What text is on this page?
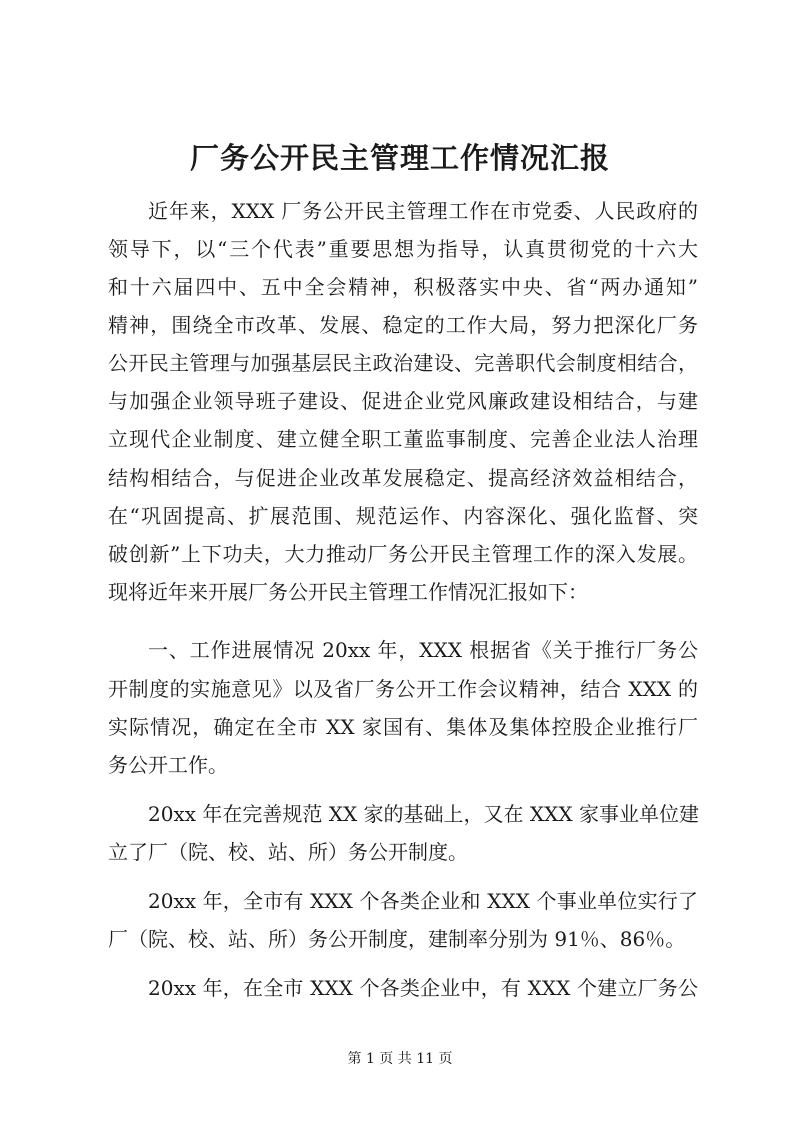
厂务公开民主管理工作情况汇报
近年来，XXX 厂务公开民主管理工作在市党委、人民政府的
领导下，以“三个代表”重要思想为指导，认真贯彻党的十六大
和十六届四中、五中全会精神，积极落实中央、省“两办通知”
精神，围绕全市改革、发展、稳定的工作大局，努力把深化厂务
公开民主管理与加强基层民主政治建设、完善职代会制度相结合，
与加强企业领导班子建设、促进企业党风廉政建设相结合，与建
立现代企业制度、建立健全职工董监事制度、完善企业法人治理
结构相结合，与促进企业改革发展稳定、提高经济效益相结合，
在“巩固提高、扩展范围、规范运作、内容深化、强化监督、突
破创新”上下功夫，大力推动厂务公开民主管理工作的深入发展。
现将近年来开展厂务公开民主管理工作情况汇报如下：
一、工作进展情况 20xx 年，XXX 根据省《关于推行厂务公
开制度的实施意见》以及省厂务公开工作会议精神，结合 XXX 的
实际情况，确定在全市 XX 家国有、集体及集体控股企业推行厂
务公开工作。
20xx 年在完善规范 XX 家的基础上，又在 XXX 家事业单位建
立了厂（院、校、站、所）务公开制度。
20xx 年，全市有 XXX 个各类企业和 XXX 个事业单位实行了
厂（院、校、站、所）务公开制度，建制率分别为 91％、86％。
20xx 年，在全市 XXX 个各类企业中，有 XXX 个建立厂务公
第 1 页 共 11 页
